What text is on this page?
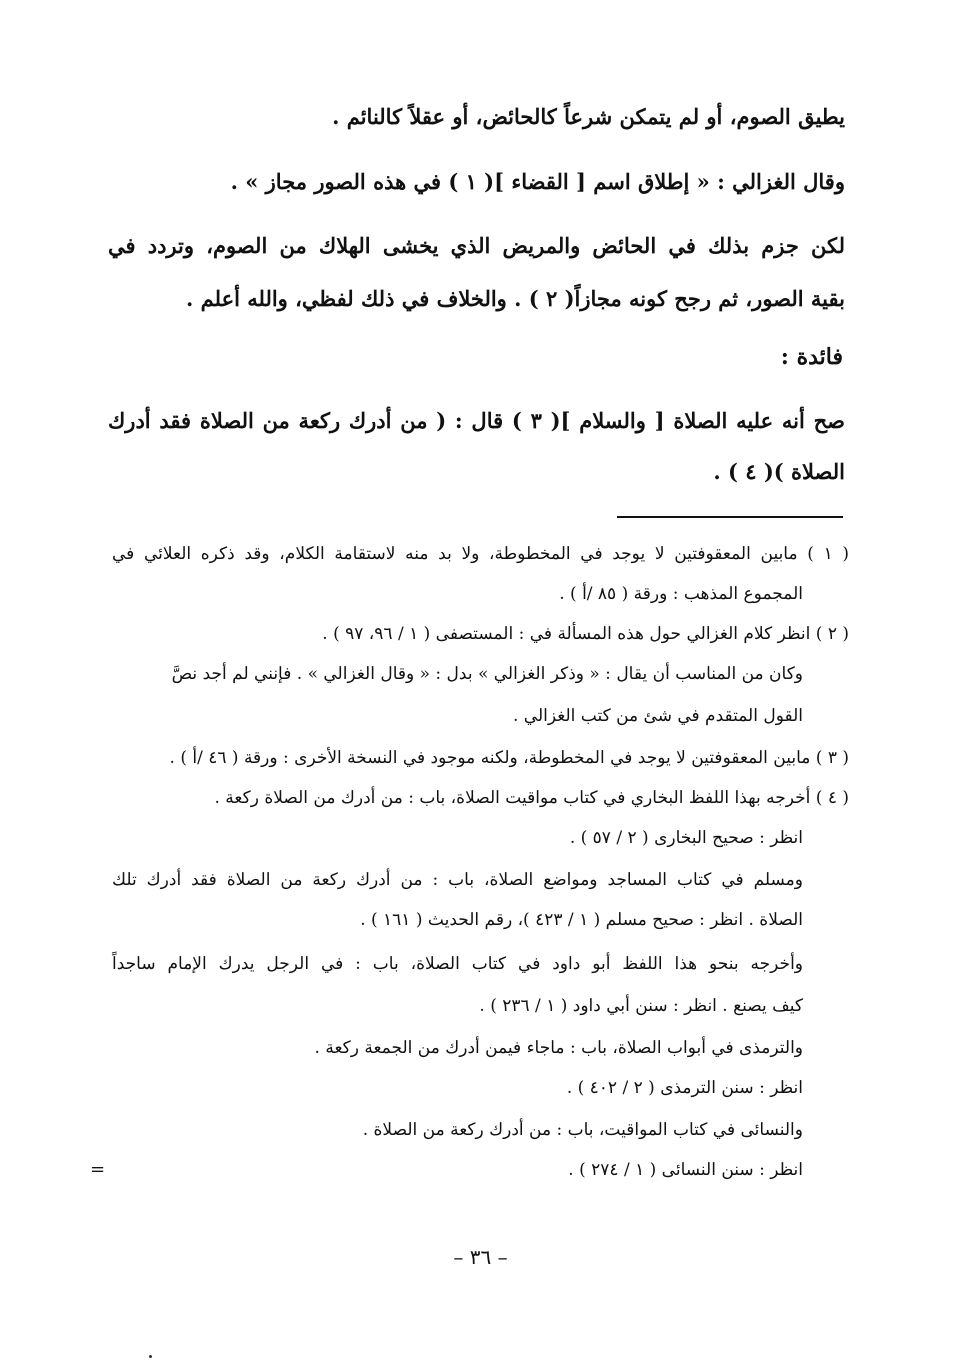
يطيق الصوم، أو لم يتمكن شرعاً كالحائض، أو عقلاً كالنائم .
وقال الغزالي : « إطلاق اسم [ القضاء ]( ١ ) في هذه الصور مجاز » .
لكن جزم بذلك في الحائض والمريض الذي يخشى الهلاك من الصوم، وتردد في
بقية الصور، ثم رجح كونه مجازاً( ٢ ) . والخلاف في ذلك لفظي، والله أعلم .
فائدة :
صح أنه عليه الصلاة [ والسلام ]( ٣ ) قال : ( من أدرك ركعة من الصلاة فقد أدرك
الصلاة )( ٤ ) .
( ١ ) مابين المعقوفتين لا يوجد في المخطوطة، ولا بد منه لاستقامة الكلام، وقد ذكره العلائي في
المجموع المذهب : ورقة ( ٨٥ /أ ) .
( ٢ ) انظر كلام الغزالي حول هذه المسألة في : المستصفى ( ١ / ٩٦، ٩٧ ) .
وكان من المناسب أن يقال : « وذكر الغزالي » بدل : « وقال الغزالي » . فإنني لم أجد نصَّ
القول المتقدم في شئ من كتب الغزالي .
( ٣ ) مابين المعقوفتين لا يوجد في المخطوطة، ولكنه موجود في النسخة الأخرى : ورقة ( ٤٦ /أ ) .
( ٤ ) أخرجه بهذا اللفظ البخاري في كتاب مواقيت الصلاة، باب : من أدرك من الصلاة ركعة .
انظر : صحيح البخارى ( ٢ / ٥٧ ) .
ومسلم في كتاب المساجد ومواضع الصلاة، باب : من أدرك ركعة من الصلاة فقد أدرك تلك
الصلاة . انظر : صحيح مسلم ( ١ / ٤٢٣ )، رقم الحديث ( ١٦١ ) .
وأخرجه بنحو هذا اللفظ أبو داود في كتاب الصلاة، باب : في الرجل يدرك الإمام ساجداً
كيف يصنع . انظر : سنن أبي داود ( ١ / ٢٣٦ ) .
والترمذى في أبواب الصلاة، باب : ماجاء فيمن أدرك من الجمعة ركعة .
انظر : سنن الترمذى ( ٢ / ٤٠٢ ) .
والنسائى في كتاب المواقيت، باب : من أدرك ركعة من الصلاة .
انظر : سنن النسائى ( ١ / ٢٧٤ ) .
=
– ٣٦ –
